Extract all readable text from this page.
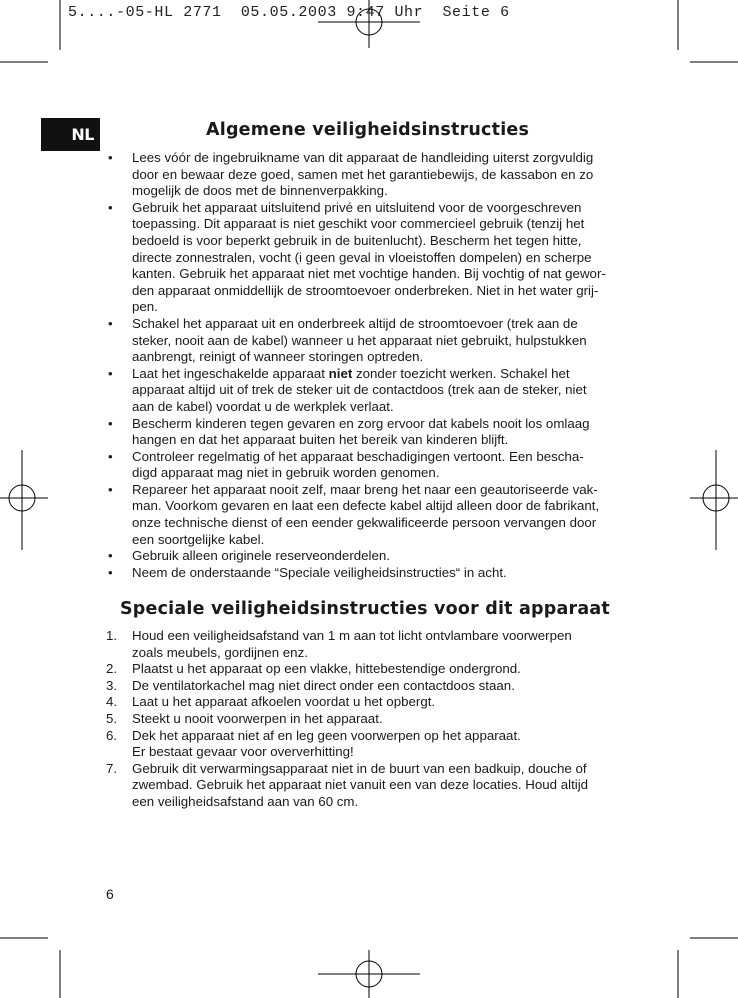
5....-05-HL 2771  05.05.2003 9:47 Uhr  Seite 6
NL	Algemene veiligheidsinstructies
•	Lees vóór de ingebruikname van dit apparaat de handleiding uiterst zorgvuldig
door en bewaar deze goed, samen met het garantiebewijs, de kassabon en zo
mogelijk de doos met de binnenverpakking.
•	Gebruik het apparaat uitsluitend privé en uitsluitend voor de voorgeschreven
toepassing. Dit apparaat is niet geschikt voor commercieel gebruik (tenzij het
bedoeld is voor beperkt gebruik in de buitenlucht). Bescherm het tegen hitte,
directe zonnestralen, vocht (i geen geval in vloeistoffen dompelen) en scherpe
kanten. Gebruik het apparaat niet met vochtige handen. Bij vochtig of nat gewor-
den apparaat onmiddellijk de stroomtoevoer onderbreken. Niet in het water grij-
pen.
•	Schakel het apparaat uit en onderbreek altijd de stroomtoevoer (trek aan de
steker, nooit aan de kabel) wanneer u het apparaat niet gebruikt, hulpstukken
aanbrengt, reinigt of wanneer storingen optreden.
•	Laat het ingeschakelde apparaat niet zonder toezicht werken. Schakel het
apparaat altijd uit of trek de steker uit de contactdoos (trek aan de steker, niet
aan de kabel) voordat u de werkplek verlaat.
•	Bescherm kinderen tegen gevaren en zorg ervoor dat kabels nooit los omlaag
hangen en dat het apparaat buiten het bereik van kinderen blijft.
•	Controleer regelmatig of het apparaat beschadigingen vertoont. Een bescha-
digd apparaat mag niet in gebruik worden genomen.
•	Repareer het apparaat nooit zelf, maar breng het naar een geautoriseerde vak-
man. Voorkom gevaren en laat een defecte kabel altijd alleen door de fabrikant,
onze technische dienst of een eender gekwalificeerde persoon vervangen door
een soortgelijke kabel.
•	Gebruik alleen originele reserveonderdelen.
•	Neem de onderstaande “Speciale veiligheidsinstructies“ in acht.
Speciale veiligheidsinstructies voor dit apparaat
1.	Houd een veiligheidsafstand van 1 m aan tot licht ontvlambare voorwerpen
zoals meubels, gordijnen enz.
2.	Plaatst u het apparaat op een vlakke, hittebestendige ondergrond.
3.	De ventilatorkachel mag niet direct onder een contactdoos staan.
4.	Laat u het apparaat afkoelen voordat u het opbergt.
5.	Steekt u nooit voorwerpen in het apparaat.
6.	Dek het apparaat niet af en leg geen voorwerpen op het apparaat.
Er bestaat gevaar voor oververhitting!
7.	Gebruik dit verwarmingsapparaat niet in de buurt van een badkuip, douche of
zwembad. Gebruik het apparaat niet vanuit een van deze locaties. Houd altijd
een veiligheidsafstand aan van 60 cm.
6
